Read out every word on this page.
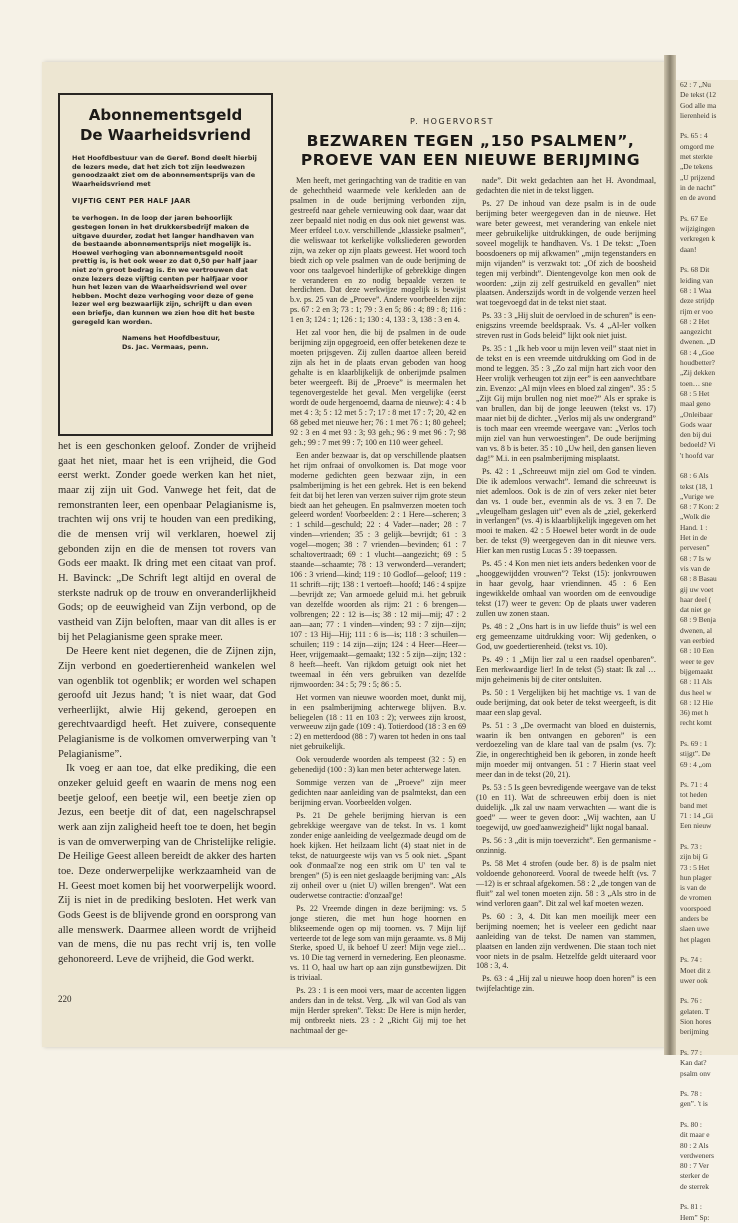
62 : 7 „Nu
De tekst (12
God alle ma
lierenheid is

Ps. 65 : 4
omgord me
met sterkte
„De tekens
„U prijzend
in de nacht”
en de avond

Ps. 67 Ee
wijzigingen
verkregen k
daan!

Ps. 68 Dit
leiding van
68 : 1 Waa
deze strijdp
rijm er voo
68 : 2 Het
aangezicht
dwenen. „D
68 : 4 „Goe
houdbetter?
„Zij dekken
toen… sne
68 : 5 Het
maal geno
„Onleibaar
Gods waar
den bij dui
bedoeld? Vi
't hoofd var

68 : 6 Als
tekst (18, 1
„Vurige we
68 : 7 Kon: 2
„Wolk die
Hand. 1 :
Het in de
pervesen”
68 : 7 Is w
vis van de
68 : 8 Basau
gij uw voet
haar deel (
dat niet ge
68 : 9 Benja
dwenen, al
van eerbied
68 : 10 Een
weer te gev
bijgemaakt
68 : 11 Als
dus heel w
68 : 12 Hie
36) met h
recht komt

Ps. 69 : 1
stijgt”. De
69 : 4 „om

Ps. 71 : 4
tot heden
band met
71 : 14 „Gi
Een nieuw

Ps. 73 :
zijn bij G
73 : 5 Het
hun plager
is van de
de vromen
voorspoed
anders be
slaen uwe
het plagen

Ps. 74 :
Moet dit z
uwer ook

Ps. 76 :
gelaten. T
Sion hores
berijming

Ps. 77 :
Kan dat?
psalm onv

Ps. 78 :
gen”. 't is

Ps. 80 :
dit maar e
80 : 2 Als
verdweners
80 : 7 Ver
sterker de
de sterrek

Ps. 81 :
Hem” Sp:
Abonnementsgeld
De Waarheidsvriend
Het Hoofdbestuur van de Geref. Bond deelt hierbij de lezers mede, dat het zich tot zijn leedwezen genoodzaakt ziet om de abonnementsprijs van de Waarheidsvriend met
VIJFTIG CENT PER HALF JAAR
te verhogen. In de loop der jaren behoorlijk gestegen lonen in het drukkersbedrijf maken de uitgave duurder, zodat het langer handhaven van de bestaande abonnementsprijs niet mogelijk is. Hoewel verhoging van abonnementsgeld nooit prettig is, is het ook weer zo dat 0,50 per half jaar niet zo'n groot bedrag is. En we vertrouwen dat onze lezers deze vijftig centen per halfjaar voor hun het lezen van de Waarheidsvriend wel over hebben. Mocht deze verhoging voor deze of gene lezer wel erg bezwaarlijk zijn, schrijft u dan even een briefje, dan kunnen we zien hoe dit het beste geregeld kan worden.
Namens het Hoofdbestuur,
Ds. Jac. Vermaas, penn.

het is een geschonken geloof. Zonder de vrijheid gaat het niet, maar het is een vrijheid, die God eerst werkt. Zonder goede werken kan het niet, maar zij zijn uit God. Vanwege het feit, dat de remonstranten leer, een openbaar Pelagianisme is, trachten wij ons vrij te houden van een prediking, die de mensen vrij wil verklaren, hoewel zij gebonden zijn en die de mensen tot rovers van Gods eer maakt. Ik dring met een citaat van prof. H. Bavinck: „De Schrift legt altijd en overal de sterkste nadruk op de trouw en onveranderlijkheid Gods; op de eeuwigheid van Zijn verbond, op de vastheid van Zijn beloften, maar van dit alles is er bij het Pelagianisme geen sprake meer.

De Heere kent niet degenen, die de Zijnen zijn, Zijn verbond en goedertierenheid wankelen wel van ogenblik tot ogenblik; er worden wel schapen geroofd uit Jezus hand; 't is niet waar, dat God verheerlijkt, alwie Hij gekend, geroepen en gerechtvaardigd heeft. Het zuivere, consequente Pelagianisme is de volkomen omverwerping van 't Pelagianisme”.

Ik voeg er aan toe, dat elke prediking, die een onzeker geluid geeft en waarin de mens nog een beetje geloof, een beetje wil, een beetje zien op Jezus, een beetje dit of dat, een nagelschrapsel werk aan zijn zaligheid heeft toe te doen, het begin is van de omverwerping van de Christelijke religie. De Heilige Geest alleen bereidt de akker des harten toe. Deze onderwerpelijke werkzaamheid van de H. Geest moet komen bij het voorwerpelijk woord. Zij is niet in de prediking besloten. Het werk van Gods Geest is de blijvende grond en oorsprong van alle menswerk. Daarmee alleen wordt de vrijheid van de mens, die nu pas recht vrij is, ten volle gehonoreerd. Leve de vrijheid, die God werkt.

P. HOGERVORST
BEZWAREN TEGEN „150 PSALMEN”,
PROEVE VAN EEN NIEUWE BERIJMING

Men heeft, met geringachting van de traditie en van de gehechtheid waarmede vele kerkleden aan de psalmen in de oude berijming verbonden zijn, gestreefd naar gehele vernieuwing ook daar, waar dat zeer bepaald niet nodig en dus ook niet gewenst was. Meer erfdeel t.o.v. verschillende „klassieke psalmen”, die weliswaar tot kerkelijke volksliederen geworden zijn, wa zeker op zijn plaats geweest. Het woord toch biedt zich op vele psalmen van de oude berijming de voor ons taalgevoel hinderlijke of gebrekkige dingen te veranderen en zo nodig bepaalde verzen te herdichten. Dat deze werkwijze mogelijk is bewijst b.v. ps. 25 van de „Proeve”. Andere voorbeelden zijn: ps. 67 : 2 en 3; 73 : 1; 79 : 3 en 5; 86 : 4; 89 : 8; 116 : 1 en 3; 124 : 1; 126 : 1; 130 : 4, 133 : 3, 138 : 3 en 4.

Het zal voor hen, die bij de psalmen in de oude berijming zijn opgegroeid, een offer betekenen deze te moeten prijsgeven. Zij zullen daartoe alleen bereid zijn als het in de plaats ervan geboden van hoog gehalte is en klaarblijkelijk de onberijmde psalmen beter weergeeft. Bij de „Proeve” is meermalen het tegenovergestelde het geval. Men vergelijke (eerst wordt de oude hergenoemd, daarna de nieuwe): 4 : 4 b met 4 : 3; 5 : 12 met 5 : 7; 17 : 8 met 17 : 7; 20, 42 en 68 gebed met nieuwe her; 76 : 1 met 76 : 1; 80 geheel; 92 : 3 en 4 met 93 : 3; 93 geh.; 96 : 9 met 96 : 7; 98 geh.; 99 : 7 met 99 : 7; 100 en 110 weer geheel.

Een ander bezwaar is, dat op verschillende plaatsen het rijm onfraai of onvolkomen is. Dat moge voor moderne gedichten geen bezwaar zijn, in een psalmberijming is het een gebrek. Het is een bekend feit dat bij het leren van verzen suiver rijm grote steun biedt aan het geheugen. En psalmverzen moeten toch geleerd worden! Voorbeelden: 2 : 1 Here—scheren; 3 : 1 schild—geschuld; 22 : 4 Vader—nader; 28 : 7 vinden—vrienden; 35 : 3 gelijk—bevrijdt; 61 : 3 vogel—mogen; 38 : 7 vrienden—bevinden; 61 : 7 schaltovertraadt; 69 : 1 vlucht—aangezicht; 69 : 5 staande—schaamte; 78 : 13 verwonderd—verandert; 106 : 3 vriend—kind; 119 : 10 Godlof—geloof; 119 : 11 schrift—rijt; 138 : 1 vertoeft—hoofd; 146 : 4 spijze—bevrijdt ze; Van armoede geluid m.i. het gebruik van dezelfde woorden als rijm: 21 : 6 brengen—volbrengen; 22 : 12 is—is; 38 : 12 mij—mij; 47 : 2 aan—aan; 77 : 1 vinden—vinden; 93 : 7 zijn—zijn; 107 : 13 Hij—Hij; 111 : 6 is—is; 118 : 3 schuilen—schuilen; 119 : 14 zijn—zijn; 124 : 4 Heer—Heer—Heer, vrijgemaakt—gemaakt; 132 : 5 zijn—zijn; 132 : 8 heeft—heeft. Van rijkdom getuigt ook niet het tweemaal in één vers gebruiken van dezelfde rijmwoorden: 34 : 5; 79 : 5; 86 : 5.

Het vormen van nieuwe woorden moet, dunkt mij, in een psalmberijming achterwege blijven. B.v. beliegelen (18 : 11 en 103 : 2); verwees zijn kroost, verweeuw zijn gade (109 : 4). Totierdood (18 : 3 en 69 : 2) en metterdood (88 : 7) waren tot heden in ons taal niet gebruikelijk.

Ook verouderde woorden als tempeest (32 : 5) en gebenedijd (100 : 3) kan men beter achterwege laten.

Sommige verzen van de „Proeve” zijn meer gedichten naar aanleiding van de psalmtekst, dan een berijming ervan. Voorbeelden volgen.

Ps. 21 De gehele berijming hiervan is een gebrekkige weergave van de tekst. In vs. 1 komt zonder enige aanleiding de veelgezmade deugd om de hoek kijken. Het heilzaam licht (4) staat niet in de tekst, de natuurgeeste wijs van vs 5 ook niet. „Spant ook d'onmaal'ze nog een strik om U' ten val te brengen” (5) is een niet geslaagde berijming van: „Als zij onheil over u (niet U) willen brengen”. Wat een ouderwetse contractie: d'onzaal'ge!

Ps. 22 Vreemde dingen in deze berijming: vs. 5 jonge stieren, die met hun hoge hoornen en blikseemende ogen op mij toornen. vs. 7 Mijn lijf verteerde tot de lege som van mijn geraamte. vs. 8 Mij Sterke, spoed U, ik behoef U zeer! Mijn vege ziel… vs. 10 Die tag vernerd in vernedering. Een pleonasme. vs. 11 O, haal uw hart op aan zijn gunstbewijzen. Dit is triviaal.

Ps. 23 : 1 is een mooi vers, maar de accenten liggen anders dan in de tekst. Verg. „Ik wil van God als van mijn Herder spreken”. Tekst: De Here is mijn herder, mij ontbreekt niets. 23 : 2 „Richt Gij mij toe het nachtmaal der ge-

nade”. Dit wekt gedachten aan het H. Avondmaal, gedachten die niet in de tekst liggen.

Ps. 27 De inhoud van deze psalm is in de oude berijming beter weergegeven dan in de nieuwe. Het ware beter geweest, met verandering van enkele niet meer gebruikelijke uitdrukkingen, de oude berijming soveel mogelijk te handhaven. Vs. 1 De tekst: „Toen boosdoeners op mij afkwamen” „mijn tegenstanders en mijn vijanden” is verzwakt tot: „Of zich de boosheid tegen mij verbindt”. Dientengevolge kon men ook de woorden: „zijn zij zelf gestruikeld en gevallen” niet plaatsen. Anderszijds wordt in de volgende verzen heel wat toegevoegd dat in de tekst niet staat.

Ps. 33 : 3 „Hij sluit de oervloed in de schuren” is een-enigszins vreemde beeldspraak. Vs. 4 „Al-ler volken streven rust in Gods beleid” lijkt ook niet juist.

Ps. 35 : 1 „Ik heb voor u mijn leven veil” staat niet in de tekst en is een vreemde uitdrukking om God in de mond te leggen. 35 : 3 „Zo zal mijn hart zich voor den Heer vrolijk verheugen tot zijn eer” is een aanvechtbare zin. Evenzo: „Al mijn vlees en bloed zal zingen”. 35 : 5 „Zijt Gij mijn brullen nog niet moe?” Als er sprake is van brullen, dan bij de jonge leeuwen (tekst vs. 17) maar niet bij de dichter. „Verlos mij als uw ondergrand” is toch maar een vreemde weergave van: „Verlos toch mijn ziel van hun verwoestingen”. De oude berijming van vs. 8 b is beter. 35 : 10 „Uw heil, den gansen lieven dag!” M.i. in een psalmberijming misplaatst.

Ps. 42 : 1 „Schreeuwt mijn ziel om God te vinden. Die ik ademloos verwacht”. Iemand die schreeuwt is niet ademloos. Ook is de zin of vers zeker niet beter dan vs. 1 oude ber., evenmin als de vs. 3 en 7. De „vleugelham geslagen uit” even als de „ziel, gekerkerd in verlangen” (vs. 4) is klaarblijkelijk ingegeven om het mooi te maken. 42 : 5 Hoewel beter wordt in de oude ber. de tekst (9) weergegeven dan in dit nieuwe vers. Hier kan men rustig Lucas 5 : 39 toepassen.

Ps. 45 : 4 Kon men niet iets anders bedenken voor de „hooggewijdden vrouwen”? Tekst (15): jonkvrouwen in haar gevolg, haar vriendinnen. 45 : 6 Een ingewikkelde omhaal van woorden om de eenvoudige tekst (17) weer te geven: Op de plaats uwer vaderen zullen uw zonen staan.

Ps. 48 : 2 „Ons hart is in uw liefde thuis” is wel een erg gemeenzame uitdrukking voor: Wij gedenken, o God, uw goedertierenheid. (tekst vs. 10).

Ps. 49 : 1 „Mijn lier zal u een raadsel openbaren”. Een merkwaardige lier! In de tekst (5) staat: Ik zal … mijn geheimenis bij de citer ontsluiten.

Ps. 50 : 1 Vergelijken bij het machtige vs. 1 van de oude berijming, dat ook beter de tekst weergeeft, is dit maar een slap geval.

Ps. 51 : 3 „De overmacht van bloed en duisternis, waarin ik ben ontvangen en geboren” is een verdoezeling van de klare taal van de psalm (vs. 7): Zie, in ongerechtigheid ben ik geboren, in zonde heeft mijn moeder mij ontvangen. 51 : 7 Hierin staat veel meer dan in de tekst (20, 21).

Ps. 53 : 5 Is geen bevredigende weergave van de tekst (10 en 11). Wat de schreeuwen erbij doen is niet duidelijk. „Ik zal uw naam verwachten — want die is goed” — weer te geven door: „Wij wachten, aan U toegewijd, uw goed'aanwezigheid” lijkt nogal banaal.

Ps. 56 : 3 „dit is mijn toeverzicht”. Een germanisme - onzinnig.

Ps. 58 Met 4 strofen (oude ber. 8) is de psalm niet voldoende gehonoreerd. Vooral de tweede helft (vs. 7—12) is er schraal afgekomen. 58 : 2 „de tongen van de fluit” zal wel tonen moeten zijn. 58 : 3 „Als stro in de wind verloren gaan”. Dit zal wel kaf moeten wezen.

Ps. 60 : 3, 4. Dit kan men moeilijk meer een berijming noemen; het is veeleer een gedicht naar aanleiding van de tekst. De namen van stammen, plaatsen en landen zijn verdwenen. Die staan toch niet voor niets in de psalm. Hetzelfde geldt uiteraard voor 108 : 3, 4.

Ps. 63 : 4 „Hij zal u nieuwe hoop doen horen” is een twijfelachtige zin.

220
